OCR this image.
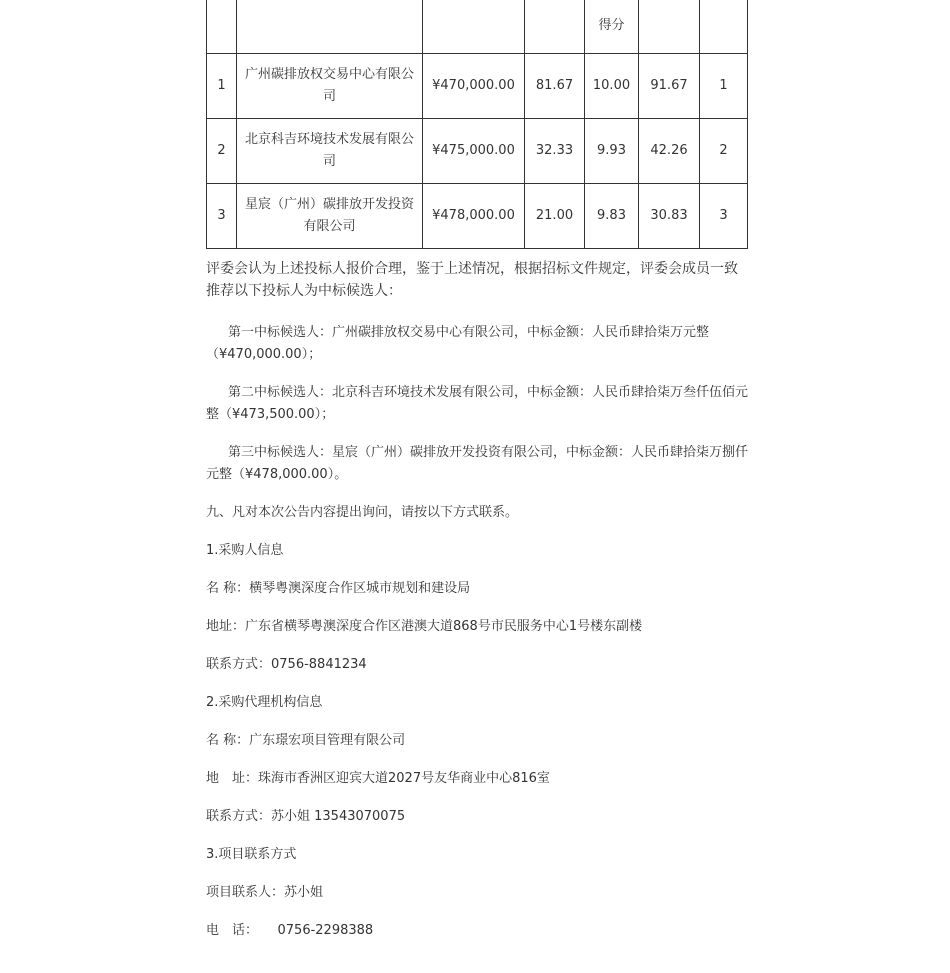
				得分		
1	广州碳排放权交易中心有限公司	¥470,000.00	81.67	10.00	91.67	1
2	北京科吉环境技术发展有限公司	¥475,000.00	32.33	9.93	42.26	2
3	星宸（广州）碳排放开发投资有限公司	¥478,000.00	21.00	9.83	30.83	3

评委会认为上述投标人报价合理，鉴于上述情况，根据招标文件规定，评委会成员一致推荐以下投标人为中标候选人：

第一中标候选人：广州碳排放权交易中心有限公司，中标金额：人民币肆拾柒万元整（¥470,000.00）；

第二中标候选人：北京科吉环境技术发展有限公司，中标金额：人民币肆拾柒万叁仟伍佰元整（¥473,500.00）；

第三中标候选人：星宸（广州）碳排放开发投资有限公司，中标金额：人民币肆拾柒万捌仟元整（¥478,000.00）。

九、凡对本次公告内容提出询问，请按以下方式联系。

1.采购人信息

名 称：横琴粤澳深度合作区城市规划和建设局

地址：广东省横琴粤澳深度合作区港澳大道868号市民服务中心1号楼东副楼

联系方式：0756-8841234

2.采购代理机构信息

名 称：广东璟宏项目管理有限公司

地　址：珠海市香洲区迎宾大道2027号友华商业中心816室

联系方式：苏小姐 13543070075

3.项目联系方式

项目联系人：苏小姐

电　话：　　0756-2298388
